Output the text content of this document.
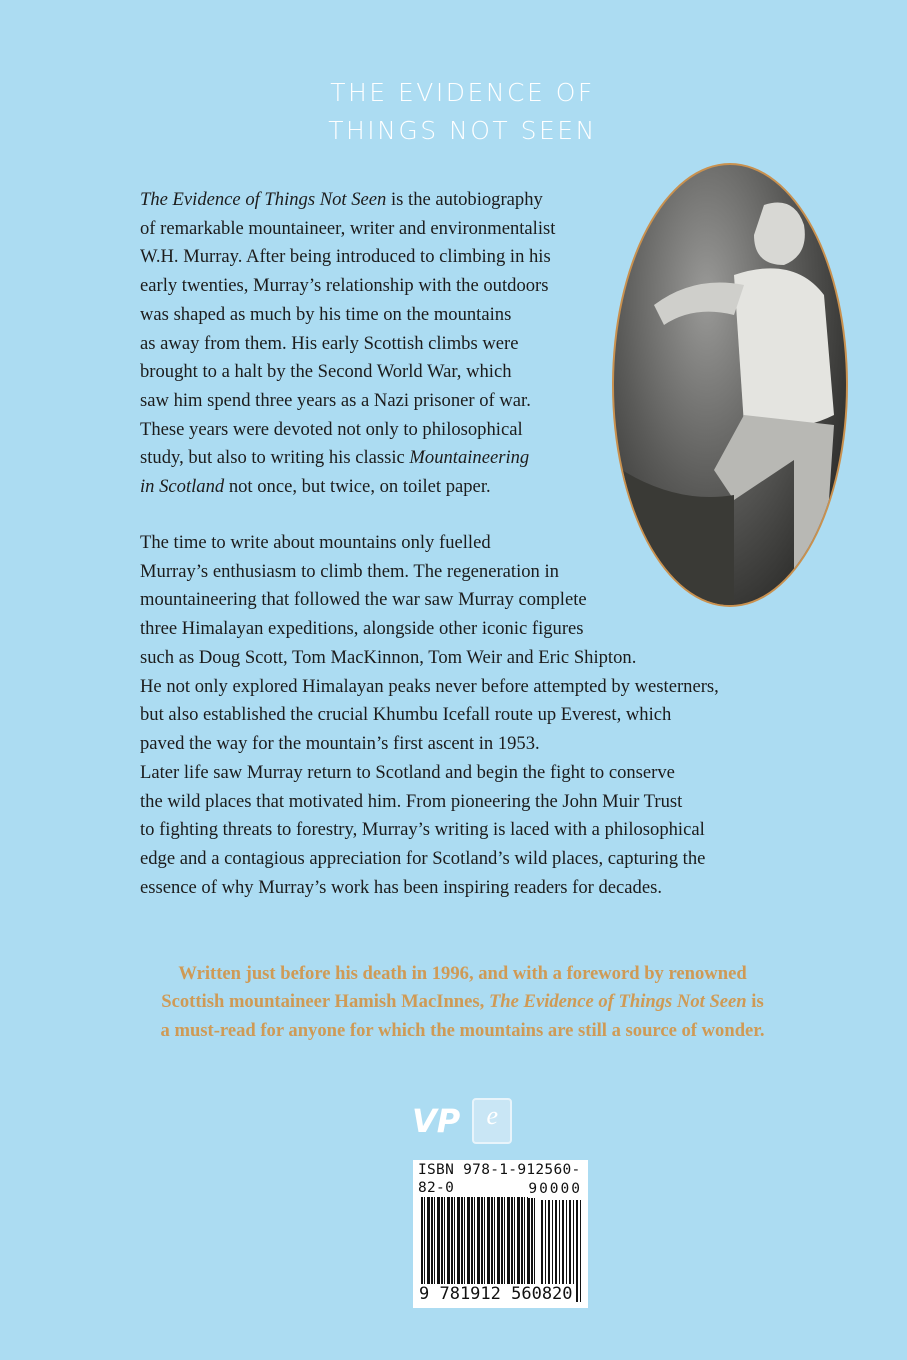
THE EVIDENCE OF
THINGS NOT SEEN
The Evidence of Things Not Seen is the autobiography
of remarkable mountaineer, writer and environmentalist
W.H. Murray. After being introduced to climbing in his
early twenties, Murray’s relationship with the outdoors
was shaped as much by his time on the mountains
as away from them. His early Scottish climbs were
brought to a halt by the Second World War, which
saw him spend three years as a Nazi prisoner of war.
These years were devoted not only to philosophical
study, but also to writing his classic Mountaineering
in Scotland not once, but twice, on toilet paper.
The time to write about mountains only fuelled
Murray’s enthusiasm to climb them. The regeneration in
mountaineering that followed the war saw Murray complete
three Himalayan expeditions, alongside other iconic figures
such as Doug Scott, Tom MacKinnon, Tom Weir and Eric Shipton.
He not only explored Himalayan peaks never before attempted by westerners,
but also established the crucial Khumbu Icefall route up Everest, which
paved the way for the mountain’s first ascent in 1953.
Later life saw Murray return to Scotland and begin the fight to conserve
the wild places that motivated him. From pioneering the John Muir Trust
to fighting threats to forestry, Murray’s writing is laced with a philosophical
edge and a contagious appreciation for Scotland’s wild places, capturing the
essence of why Murray’s work has been inspiring readers for decades.
Written just before his death in 1996, and with a foreword by renowned
Scottish mountaineer Hamish MacInnes, The Evidence of Things Not Seen is
a must-read for anyone for which the mountains are still a source of wonder.
VP	e
ISBN 978-1-912560-82-0	90000
9 781912 560820
